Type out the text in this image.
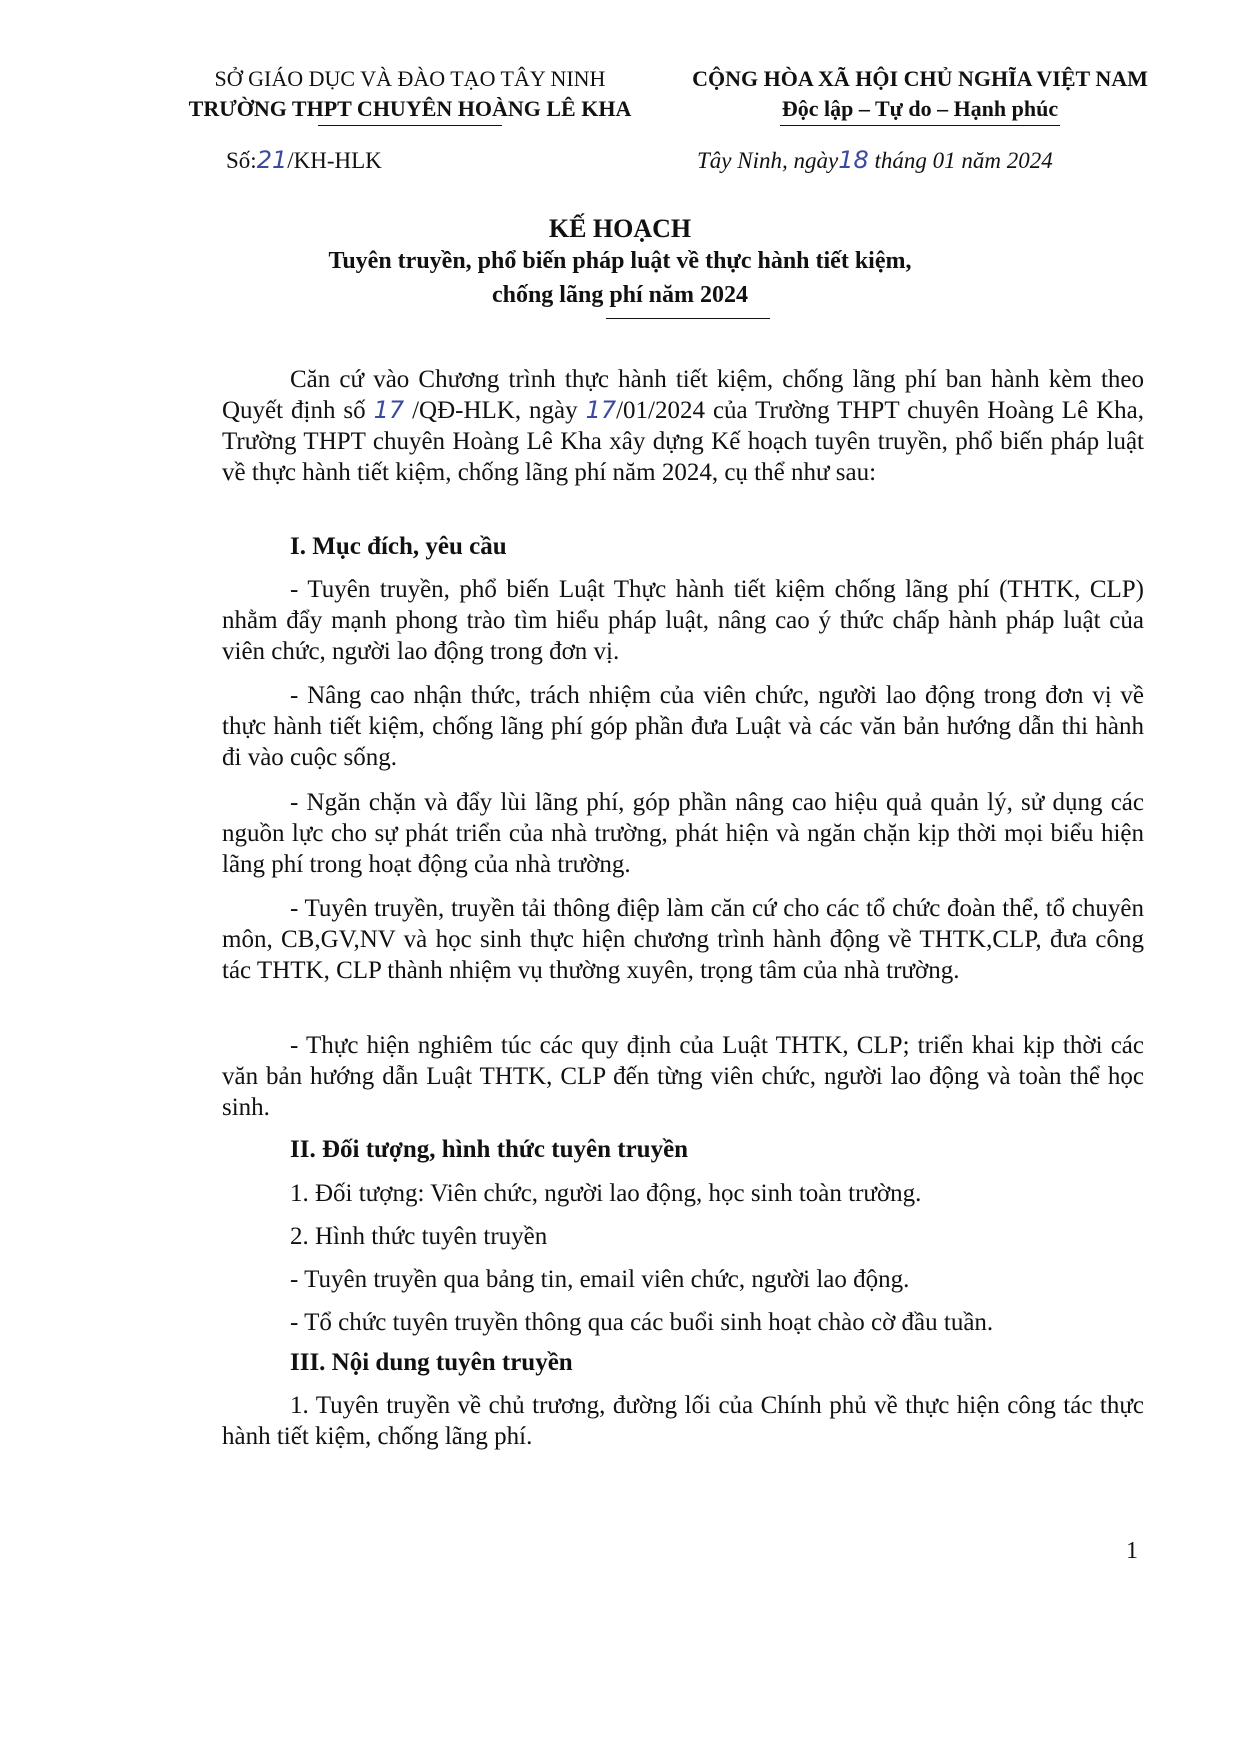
SỞ GIÁO DỤC VÀ ĐÀO TẠO TÂY NINH
TRƯỜNG THPT CHUYÊN HOÀNG LÊ KHA
CỘNG HÒA XÃ HỘI CHỦ NGHĨA VIỆT NAM
Độc lập – Tự do – Hạnh phúc
Số:21/KH-HLK	Tây Ninh, ngày18 tháng 01 năm 2024
KẾ HOẠCH
Tuyên truyền, phổ biến pháp luật về thực hành tiết kiệm,
chống lãng phí năm 2024
Căn cứ vào Chương trình thực hành tiết kiệm, chống lãng phí ban hành kèm theo Quyết định số 17 /QĐ-HLK, ngày 17/01/2024 của Trường THPT chuyên Hoàng Lê Kha, Trường THPT chuyên Hoàng Lê Kha xây dựng Kế hoạch tuyên truyền, phổ biến pháp luật về thực hành tiết kiệm, chống lãng phí năm 2024, cụ thể như sau:
I. Mục đích, yêu cầu
- Tuyên truyền, phổ biến Luật Thực hành tiết kiệm chống lãng phí (THTK, CLP) nhằm đẩy mạnh phong trào tìm hiểu pháp luật, nâng cao ý thức chấp hành pháp luật của viên chức, người lao động trong đơn vị.
- Nâng cao nhận thức, trách nhiệm của viên chức, người lao động trong đơn vị về thực hành tiết kiệm, chống lãng phí góp phần đưa Luật và các văn bản hướng dẫn thi hành đi vào cuộc sống.
- Ngăn chặn và đẩy lùi lãng phí, góp phần nâng cao hiệu quả quản lý, sử dụng các nguồn lực cho sự phát triển của nhà trường, phát hiện và ngăn chặn kịp thời mọi biểu hiện lãng phí trong hoạt động của nhà trường.
- Tuyên truyền, truyền tải thông điệp làm căn cứ cho các tổ chức đoàn thể, tổ chuyên môn, CB,GV,NV và học sinh thực hiện chương trình hành động về THTK,CLP, đưa công tác THTK, CLP thành nhiệm vụ thường xuyên, trọng tâm của nhà trường.
- Thực hiện nghiêm túc các quy định của Luật THTK, CLP; triển khai kịp thời các văn bản hướng dẫn Luật THTK, CLP đến từng viên chức, người lao động và toàn thể học sinh.
II. Đối tượng, hình thức tuyên truyền
1. Đối tượng: Viên chức, người lao động, học sinh toàn trường.
2. Hình thức tuyên truyền
- Tuyên truyền qua bảng tin, email viên chức, người lao động.
- Tổ chức tuyên truyền thông qua các buổi sinh hoạt chào cờ đầu tuần.
III. Nội dung tuyên truyền
1. Tuyên truyền về chủ trương, đường lối của Chính phủ về thực hiện công tác thực hành tiết kiệm, chống lãng phí.
1
